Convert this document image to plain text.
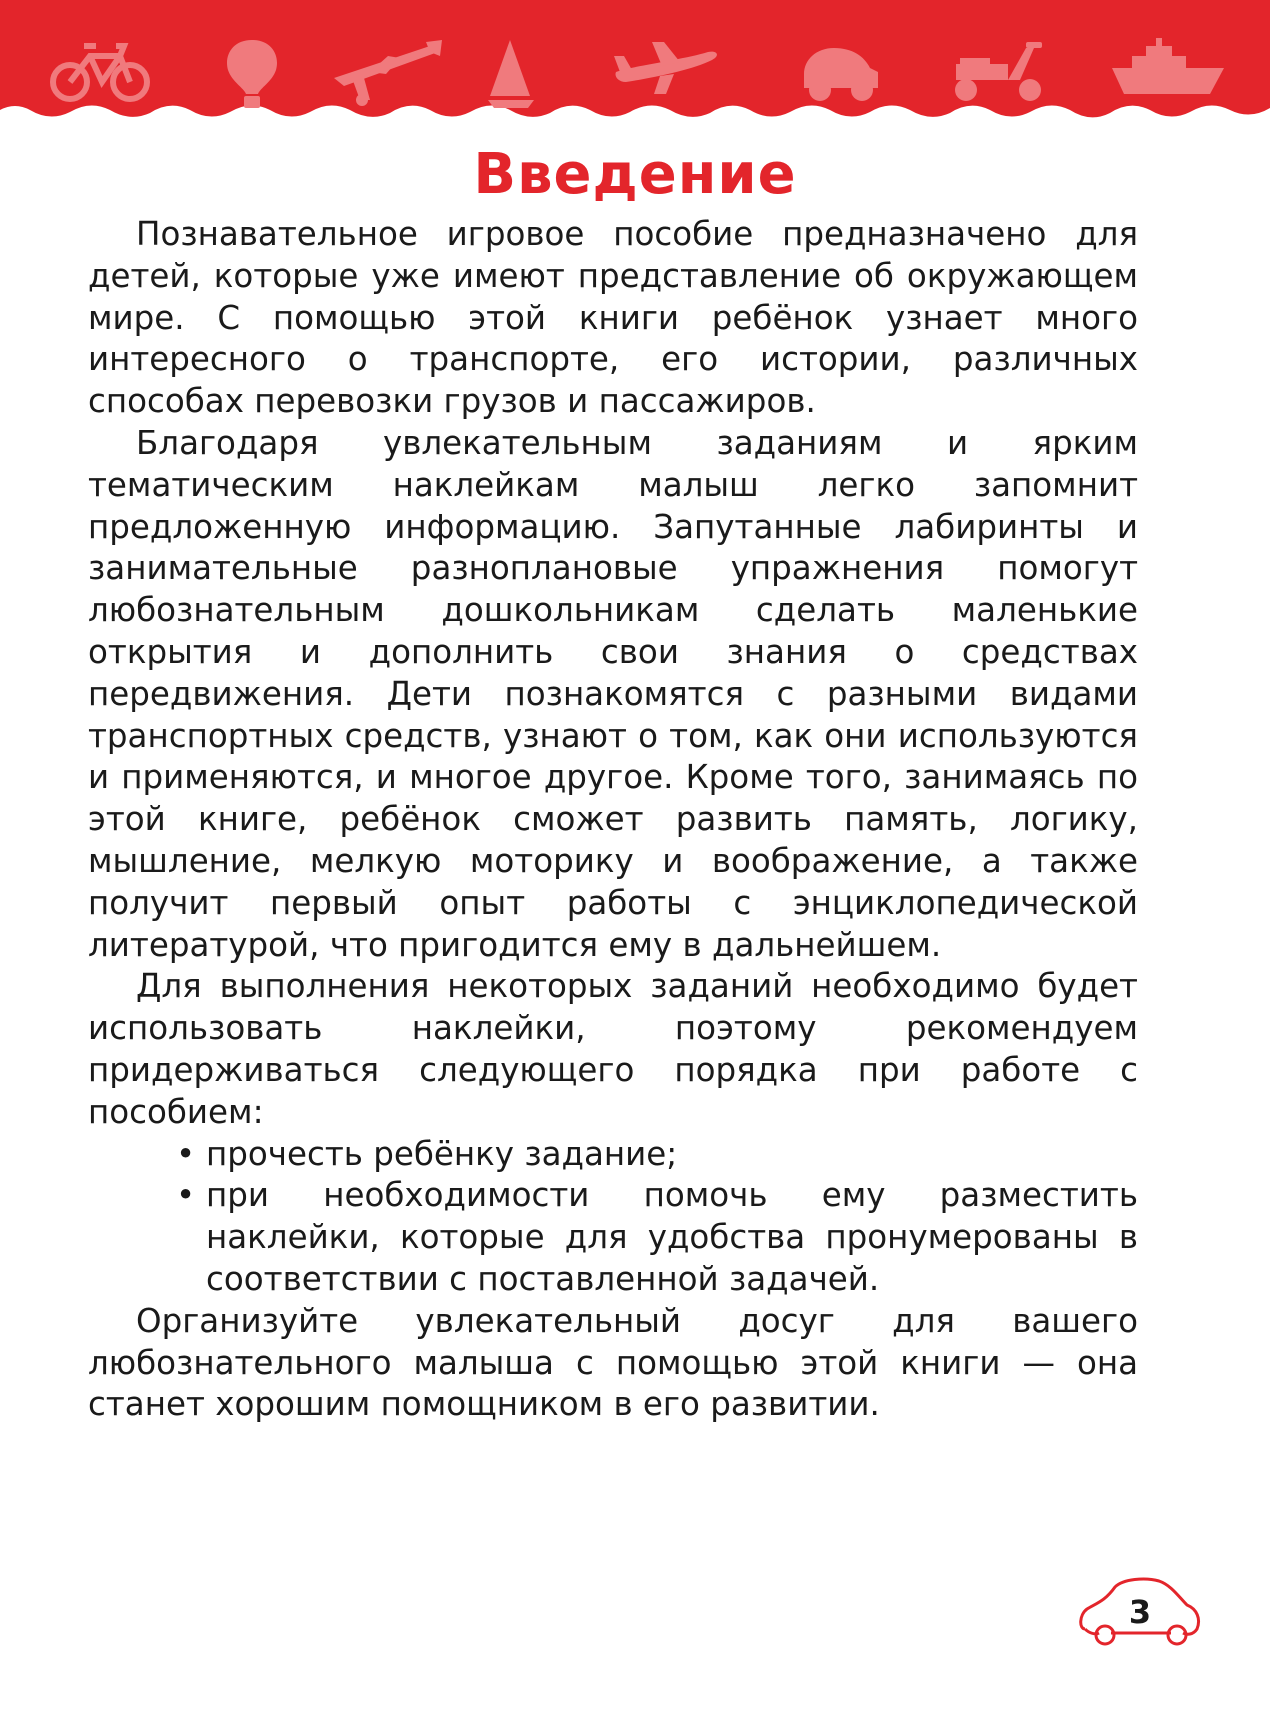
Введение

Познавательное игровое пособие предназначено для детей, которые уже имеют представление об окружающем мире. С помощью этой книги ребёнок узнает много интересного о транспорте, его истории, различных способах перевозки грузов и пассажиров.

Благодаря увлекательным заданиям и ярким тематическим наклейкам малыш легко запомнит предложенную информацию. Запутанные лабиринты и занимательные разноплановые упражнения помогут любознательным дошкольникам сделать маленькие открытия и дополнить свои знания о средствах передвижения. Дети познакомятся с разными видами транспортных средств, узнают о том, как они используются и применяются, и многое другое. Кроме того, занимаясь по этой книге, ребёнок сможет развить память, логику, мышление, мелкую моторику и воображение, а также получит первый опыт работы с энциклопедической литературой, что пригодится ему в дальнейшем.

Для выполнения некоторых заданий необходимо будет использовать наклейки, поэтому рекомендуем придерживаться следующего порядка при работе с пособием:

• прочесть ребёнку задание;
• при необходимости помочь ему разместить наклейки, которые для удобства пронумерованы в соответствии с поставленной задачей.

Организуйте увлекательный досуг для вашего любознательного малыша с помощью этой книги — она станет хорошим помощником в его развитии.

3
